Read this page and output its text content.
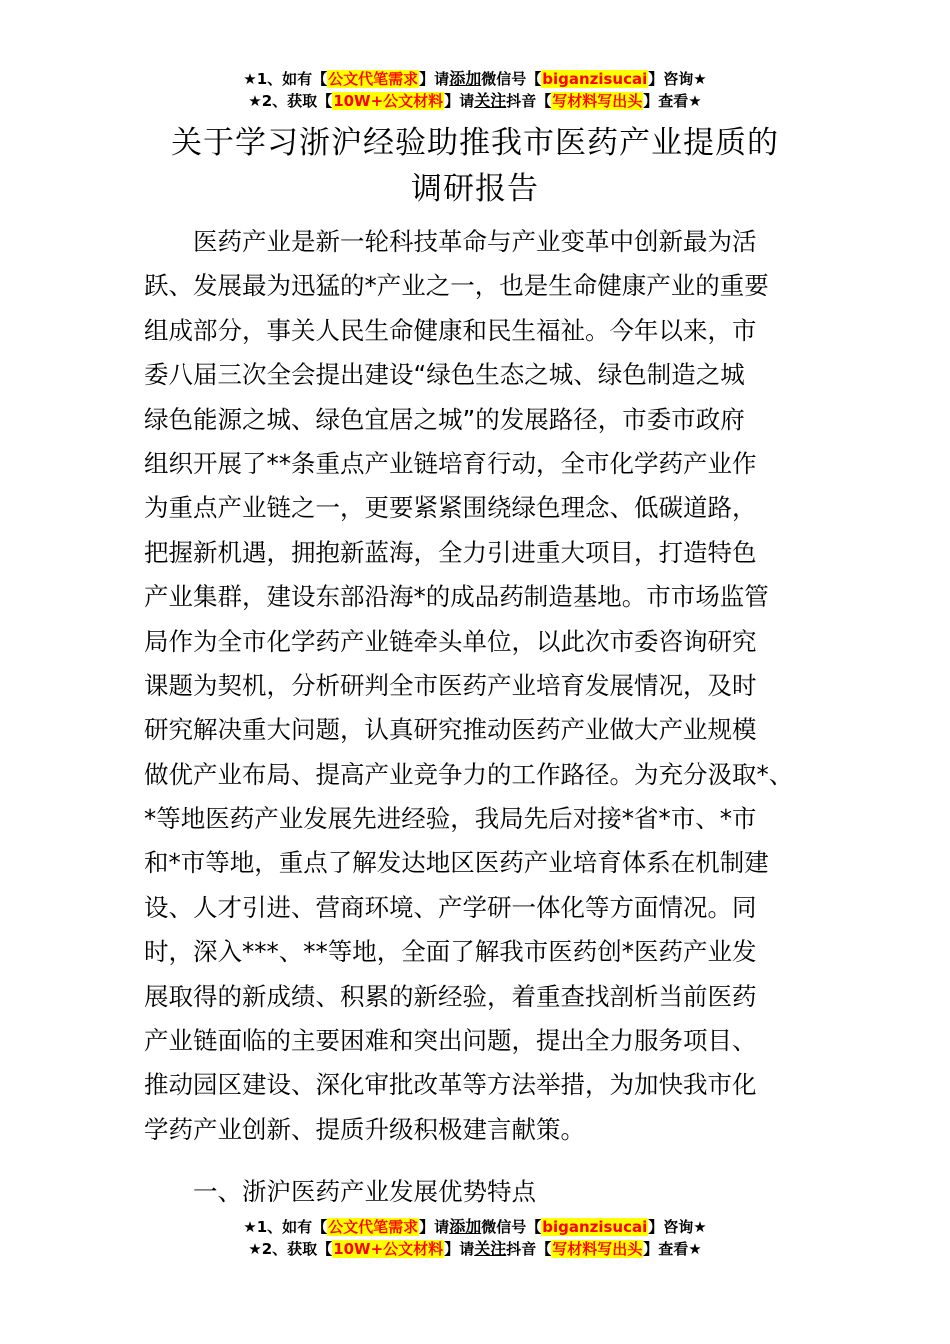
★1、如有【公文代笔需求】请添加微信号【biganzisucai】咨询★
★2、获取【10W+公文材料】请关注抖音【写材料写出头】查看★
关于学习浙沪经验助推我市医药产业提质的
调研报告
医药产业是新一轮科技革命与产业变革中创新最为活
跃、发展最为迅猛的*产业之一，也是生命健康产业的重要
组成部分，事关人民生命健康和民生福祉。今年以来，市
委八届三次全会提出建设“绿色生态之城、绿色制造之城
绿色能源之城、绿色宜居之城”的发展路径，市委市政府
组织开展了**条重点产业链培育行动，全市化学药产业作
为重点产业链之一，更要紧紧围绕绿色理念、低碳道路，
把握新机遇，拥抱新蓝海，全力引进重大项目，打造特色
产业集群，建设东部沿海*的成品药制造基地。市市场监管
局作为全市化学药产业链牵头单位，以此次市委咨询研究
课题为契机，分析研判全市医药产业培育发展情况，及时
研究解决重大问题，认真研究推动医药产业做大产业规模
做优产业布局、提高产业竞争力的工作路径。为充分汲取*、
*等地医药产业发展先进经验，我局先后对接*省*市、*市
和*市等地，重点了解发达地区医药产业培育体系在机制建
设、人才引进、营商环境、产学研一体化等方面情况。同
时，深入***、**等地，全面了解我市医药创*医药产业发
展取得的新成绩、积累的新经验，着重查找剖析当前医药
产业链面临的主要困难和突出问题，提出全力服务项目、
推动园区建设、深化审批改革等方法举措，为加快我市化
学药产业创新、提质升级积极建言献策。
一、浙沪医药产业发展优势特点
★1、如有【公文代笔需求】请添加微信号【biganzisucai】咨询★
★2、获取【10W+公文材料】请关注抖音【写材料写出头】查看★
